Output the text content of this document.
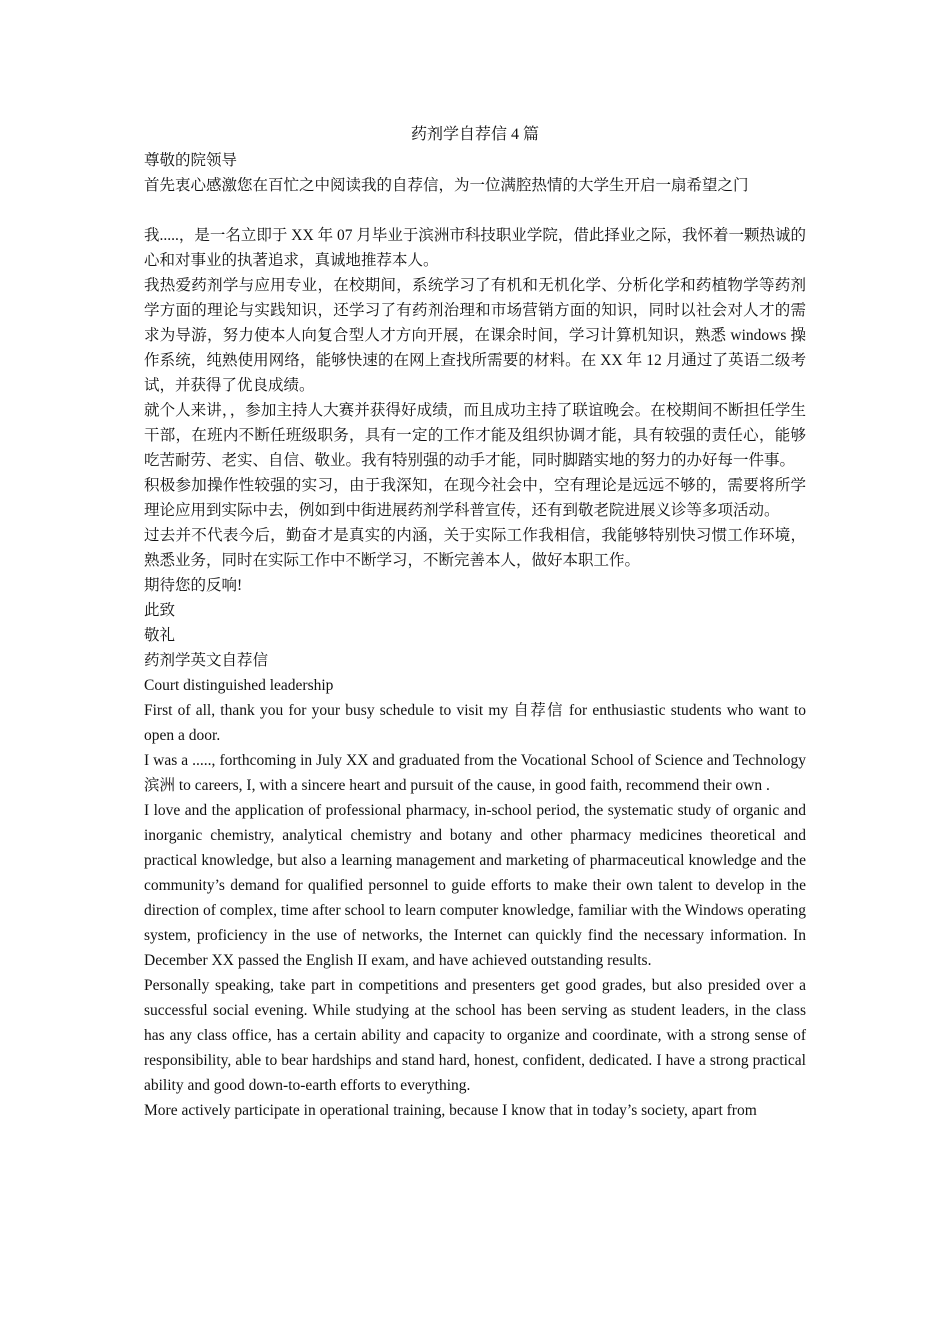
药剂学自荐信 4 篇

尊敬的院领导

首先衷心感激您在百忙之中阅读我的自荐信，为一位满腔热情的大学生开启一扇希望之门

我.....，是一名立即于 XX 年 07 月毕业于滨洲市科技职业学院，借此择业之际，我怀着一颗热诚的心和对事业的执著追求，真诚地推荐本人。

我热爱药剂学与应用专业，在校期间，系统学习了有机和无机化学、分析化学和药植物学等药剂学方面的理论与实践知识，还学习了有药剂治理和市场营销方面的知识，同时以社会对人才的需求为导游，努力使本人向复合型人才方向开展，在课余时间，学习计算机知识，熟悉 windows 操作系统，纯熟使用网络，能够快速的在网上查找所需要的材料。在 XX 年 12 月通过了英语二级考试，并获得了优良成绩。

就个人来讲，，参加主持人大赛并获得好成绩，而且成功主持了联谊晚会。在校期间不断担任学生干部，在班内不断任班级职务，具有一定的工作才能及组织协调才能，具有较强的责任心，能够吃苦耐劳、老实、自信、敬业。我有特别强的动手才能，同时脚踏实地的努力的办好每一件事。

积极参加操作性较强的实习，由于我深知，在现今社会中，空有理论是远远不够的，需要将所学理论应用到实际中去，例如到中街进展药剂学科普宣传，还有到敬老院进展义诊等多项活动。

过去并不代表今后，勤奋才是真实的内涵，关于实际工作我相信，我能够特别快习惯工作环境，熟悉业务，同时在实际工作中不断学习，不断完善本人，做好本职工作。

期待您的反响!

此致

敬礼

药剂学英文自荐信

Court distinguished leadership

First of all, thank you for your busy schedule to visit my 自荐信 for enthusiastic students who want to open a door.

I was a ....., forthcoming in July XX and graduated from the Vocational School of Science and Technology 滨洲 to careers, I, with a sincere heart and pursuit of the cause, in good faith, recommend their own .

I love and the application of professional pharmacy, in-school period, the systematic study of organic and inorganic chemistry, analytical chemistry and botany and other pharmacy medicines theoretical and practical knowledge, but also a learning management and marketing of pharmaceutical knowledge and the community’s demand for qualified personnel to guide efforts to make their own talent to develop in the direction of complex, time after school to learn computer knowledge, familiar with the Windows operating system, proficiency in the use of networks, the Internet can quickly find the necessary information. In December XX passed the English II exam, and have achieved outstanding results.

Personally speaking, take part in competitions and presenters get good grades, but also presided over a successful social evening. While studying at the school has been serving as student leaders, in the class has any class office, has a certain ability and capacity to organize and coordinate, with a strong sense of responsibility, able to bear hardships and stand hard, honest, confident, dedicated. I have a strong practical ability and good down-to-earth efforts to everything.

More actively participate in operational training, because I know that in today’s society, apart from
